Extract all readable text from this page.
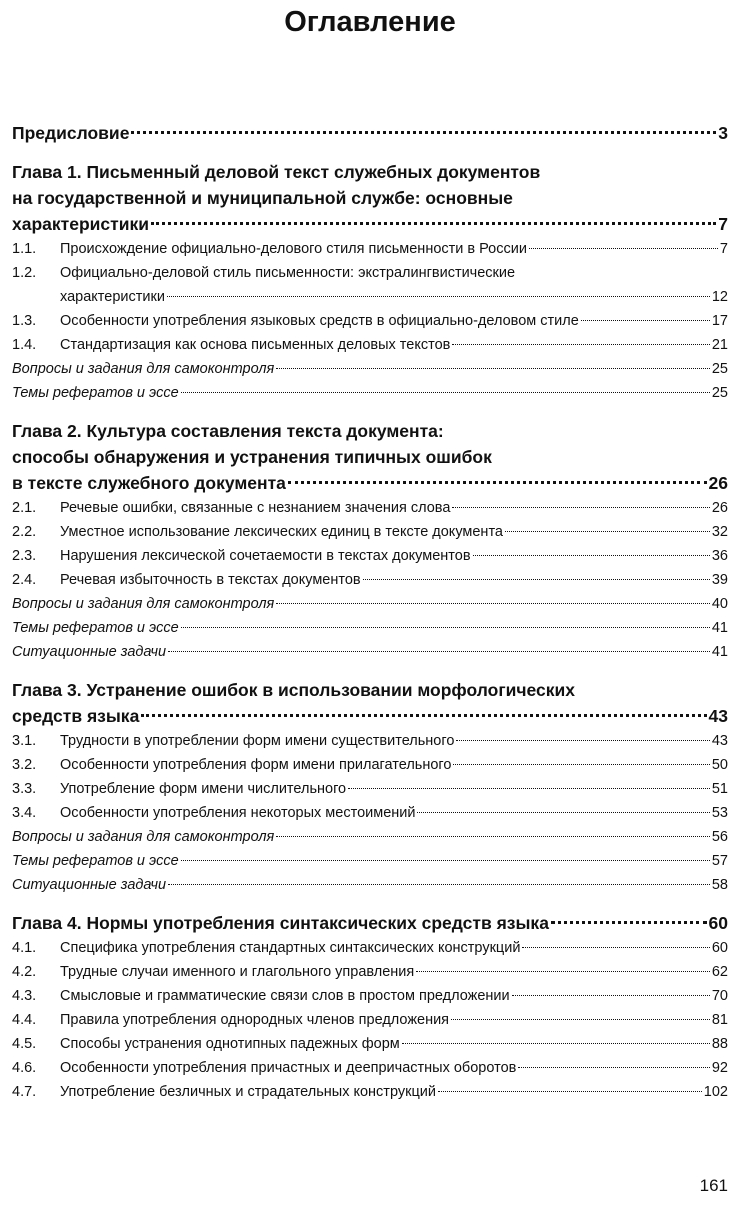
Оглавление
Предисловие	3
Глава 1. Письменный деловой текст служебных документов
на государственной и муниципальной службе: основные
характеристики	7
1.1.	Происхождение официально-делового стиля письменности в России	7
1.2.	Официально-деловой стиль письменности: экстралингвистические
характеристики	12
1.3.	Особенности употребления языковых средств в официально-деловом стиле	17
1.4.	Стандартизация как основа письменных деловых текстов	21
Вопросы и задания для самоконтроля	25
Темы рефератов и эссе	25
Глава 2. Культура составления текста документа:
способы обнаружения и устранения типичных ошибок
в тексте служебного документа	26
2.1.	Речевые ошибки, связанные с незнанием значения слова	26
2.2.	Уместное использование лексических единиц в тексте документа	32
2.3.	Нарушения лексической сочетаемости в текстах документов	36
2.4.	Речевая избыточность в текстах документов	39
Вопросы и задания для самоконтроля	40
Темы рефератов и эссе	41
Ситуационные задачи	41
Глава 3. Устранение ошибок в использовании морфологических
средств языка	43
3.1.	Трудности в употреблении форм имени существительного	43
3.2.	Особенности употребления форм имени прилагательного	50
3.3.	Употребление форм имени числительного	51
3.4.	Особенности употребления некоторых местоимений	53
Вопросы и задания для самоконтроля	56
Темы рефератов и эссе	57
Ситуационные задачи	58
Глава 4. Нормы употребления синтаксических средств языка	60
4.1.	Специфика употребления стандартных синтаксических конструкций	60
4.2.	Трудные случаи именного и глагольного управления	62
4.3.	Смысловые и грамматические связи слов в простом предложении	70
4.4.	Правила употребления однородных членов предложения	81
4.5.	Способы устранения однотипных падежных форм	88
4.6.	Особенности употребления причастных и деепричастных оборотов	92
4.7.	Употребление безличных и страдательных конструкций	102
161
